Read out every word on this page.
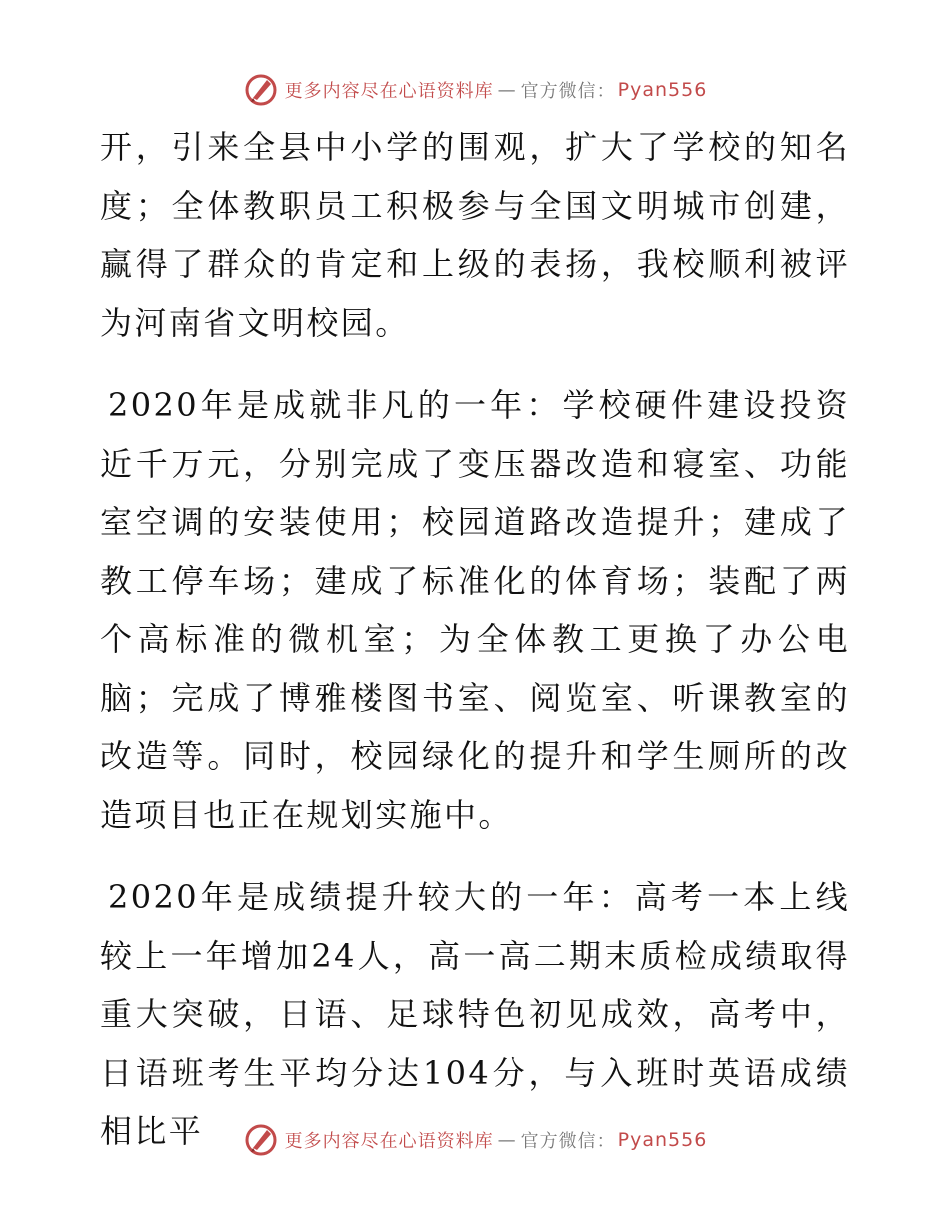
更多内容尽在心语资料库 — 官方微信： Pyan556

开，引来全县中小学的围观，扩大了学校的知名度；全体教职员工积极参与全国文明城市创建，赢得了群众的肯定和上级的表扬，我校顺利被评为河南省文明校园。

2020年是成就非凡的一年：学校硬件建设投资近千万元，分别完成了变压器改造和寝室、功能室空调的安装使用；校园道路改造提升；建成了教工停车场；建成了标准化的体育场；装配了两个高标准的微机室；为全体教工更换了办公电脑；完成了博雅楼图书室、阅览室、听课教室的改造等。同时，校园绿化的提升和学生厕所的改造项目也正在规划实施中。

2020年是成绩提升较大的一年：高考一本上线较上一年增加24人，高一高二期末质检成绩取得重大突破，日语、足球特色初见成效，高考中，日语班考生平均分达104分，与入班时英语成绩相比平	更多内容尽在心语资料库 — 官方微信： Pyan556
